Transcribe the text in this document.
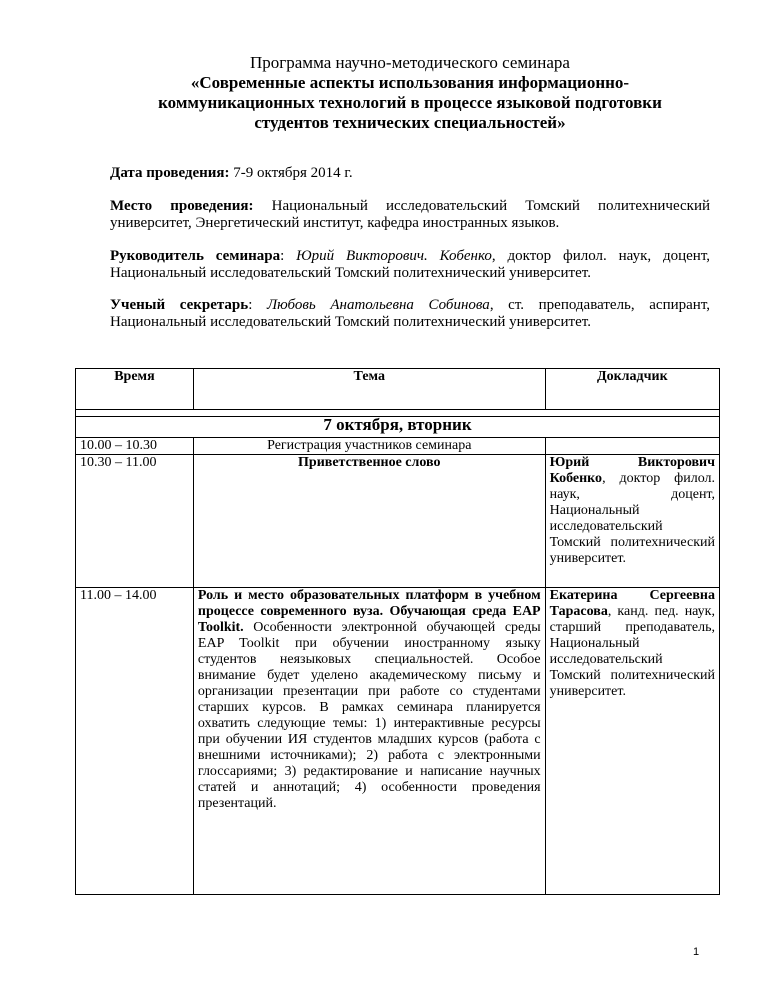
Программа научно-методического семинара
«Современные аспекты использования информационно-
коммуникационных технологий в процессе языковой подготовки
студентов технических специальностей»
Дата проведения: 7-9 октября 2014 г.
Место проведения: Национальный исследовательский Томский политехнический
университет, Энергетический институт, кафедра иностранных языков.
Руководитель семинара: Юрий Викторович. Кобенко, доктор филол. наук, доцент,
Национальный исследовательский Томский политехнический университет.
Ученый секретарь: Любовь Анатольевна Собинова, ст. преподаватель, аспирант,
Национальный исследовательский Томский политехнический университет.
Время	Тема	Докладчик

7 октября, вторник		
10.00 – 10.30	Регистрация участников семинара	
10.30 – 11.00	Приветственное слово	Юрий Викторович Кобенко, доктор филол. наук, доцент, Национальный исследовательский Томский политехнический университет.
11.00 – 14.00	Роль и место образовательных платформ в учебном процессе современного вуза. Обучающая среда EAP Toolkit. Особенности электронной обучающей среды EAP Toolkit при обучении иностранному языку студентов неязыковых специальностей. Особое внимание будет уделено академическому письму и организации презентации при работе со студентами старших курсов. В рамках семинара планируется охватить следующие темы: 1) интерактивные ресурсы при обучении ИЯ студентов младших курсов (работа с внешними источниками); 2) работа с электронными глоссариями; 3) редактирование и написание научных статей и аннотаций; 4) особенности проведения презентаций.	Екатерина Сергеевна Тарасова, канд. пед. наук, старший преподаватель, Национальный исследовательский Томский политехнический университет.
1
